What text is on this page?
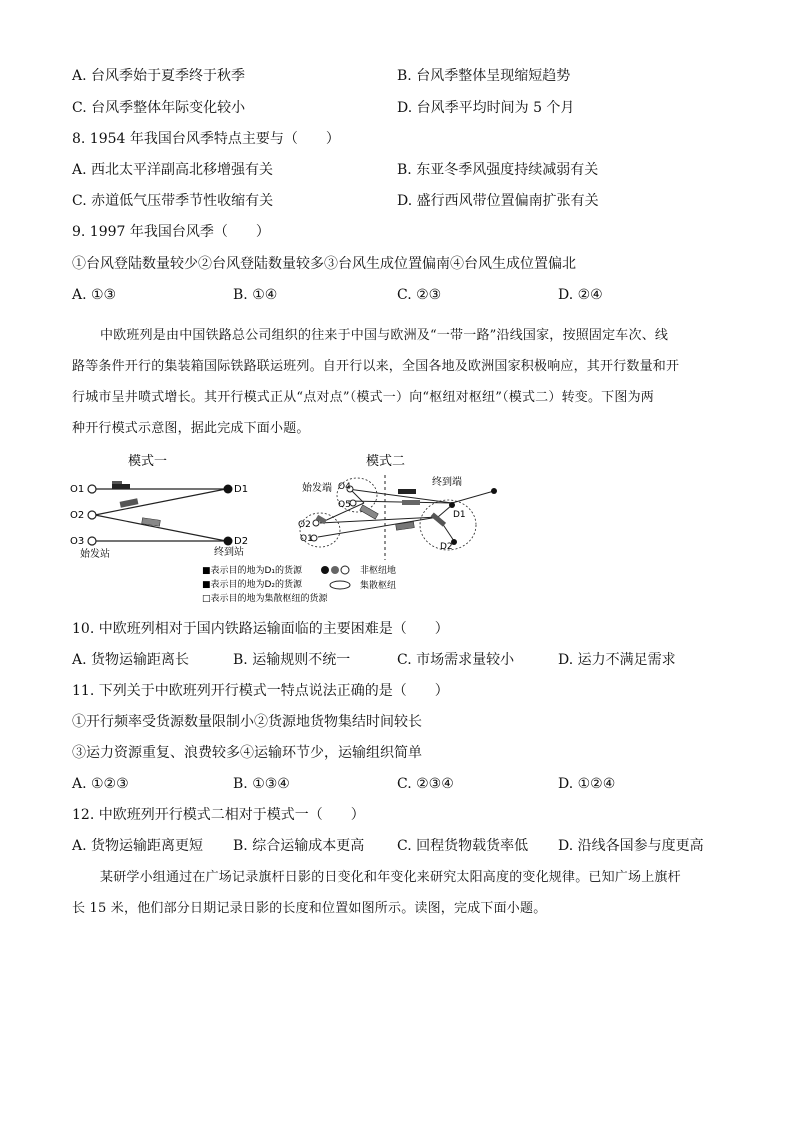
A. 台风季始于夏季终于秋季	B. 台风季整体呈现缩短趋势
C. 台风季整体年际变化较小	D. 台风季平均时间为 5 个月
8. 1954 年我国台风季特点主要与（　　）
A. 西北太平洋副高北移增强有关	B. 东亚冬季风强度持续减弱有关
C. 赤道低气压带季节性收缩有关	D. 盛行西风带位置偏南扩张有关
9. 1997 年我国台风季（　　）
①台风登陆数量较少②台风登陆数量较多③台风生成位置偏南④台风生成位置偏北
A. ①③	B. ①④	C. ②③	D. ②④
中欧班列是由中国铁路总公司组织的往来于中国与欧洲及“一带一路”沿线国家，按照固定车次、线
路等条件开行的集装箱国际铁路联运班列。自开行以来，全国各地及欧洲国家积极响应，其开行数量和开
行城市呈井喷式增长。其开行模式正从“点对点”（模式一）向“枢纽对枢纽”（模式二）转变。下图为两
种开行模式示意图，据此完成下面小题。
模式一
O1
O2
O3
D1
D2
始发站	终到站
模式二
O4
O5
O2
O1
D1
D2
始发端
终到端
■表示目的地为D₁的货源
■表示目的地为D₂的货源
□表示目的地为集散枢纽的货源
非枢纽地
集散枢纽
10. 中欧班列相对于国内铁路运输面临的主要困难是（　　）
A. 货物运输距离长	B. 运输规则不统一	C. 市场需求量较小	D. 运力不满足需求
11. 下列关于中欧班列开行模式一特点说法正确的是（　　）
①开行频率受货源数量限制小②货源地货物集结时间较长
③运力资源重复、浪费较多④运输环节少，运输组织简单
A. ①②③	B. ①③④	C. ②③④	D. ①②④
12. 中欧班列开行模式二相对于模式一（　　）
A. 货物运输距离更短 B. 综合运输成本更高 C. 回程货物载货率低 D. 沿线各国参与度更高
某研学小组通过在广场记录旗杆日影的日变化和年变化来研究太阳高度的变化规律。已知广场上旗杆
长 15 米，他们部分日期记录日影的长度和位置如图所示。读图，完成下面小题。
